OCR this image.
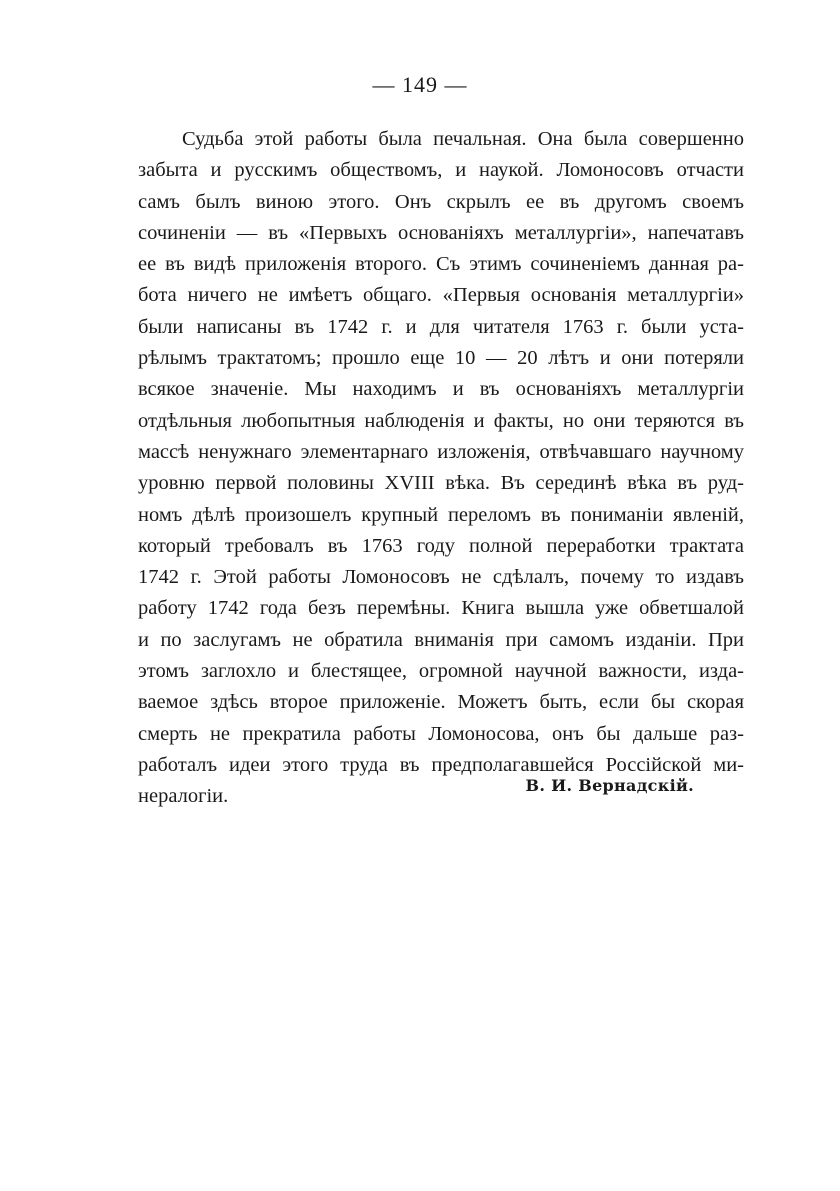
— 149 —
Судьба этой работы была печальная. Она была совершенно
забыта и русскимъ обществомъ, и наукой. Ломоносовъ отчасти
самъ былъ виною этого. Онъ скрылъ ее въ другомъ своемъ
сочиненіи — въ «Первыхъ основаніяхъ металлургіи», напечатавъ
ее въ видѣ приложенія второго. Съ этимъ сочиненіемъ данная ра-
бота ничего не имѣетъ общаго. «Первыя основанія металлургіи»
были написаны въ 1742 г. и для читателя 1763 г. были уста-
рѣлымъ трактатомъ; прошло еще 10 — 20 лѣтъ и они потеряли
всякое значеніе. Мы находимъ и въ основаніяхъ металлургіи
отдѣльныя любопытныя наблюденія и факты, но они теряются въ
массѣ ненужнаго элементарнаго изложенія, отвѣчавшаго научному
уровню первой половины XVIII вѣка. Въ серединѣ вѣка въ руд-
номъ дѣлѣ произошелъ крупный переломъ въ пониманіи явленій,
который требовалъ въ 1763 году полной переработки трактата
1742 г. Этой работы Ломоносовъ не сдѣлалъ, почему то издавъ
работу 1742 года безъ перемѣны. Книга вышла уже обветшалой
и по заслугамъ не обратила вниманія при самомъ изданіи. При
этомъ заглохло и блестящее, огромной научной важности, изда-
ваемое здѣсь второе приложеніе. Можетъ быть, если бы скорая
смерть не прекратила работы Ломоносова, онъ бы дальше раз-
работалъ идеи этого труда въ предполагавшейся Россійской ми-
нералогіи.	В. И. Вернадскій.
